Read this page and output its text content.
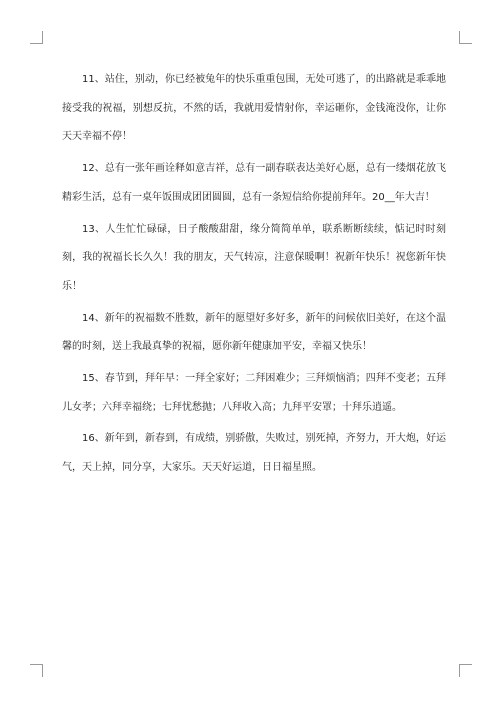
11、站住，别动，你已经被兔年的快乐重重包围，无处可逃了，的出路就是乖乖地接受我的祝福，别想反抗，不然的话，我就用爱情射你，幸运砸你，金钱淹没你，让你天天幸福不停！

12、总有一张年画诠释如意吉祥，总有一副春联表达美好心愿，总有一缕烟花放飞精彩生活，总有一桌年饭围成团团圆圆，总有一条短信给你提前拜年。20__年大吉！

13、人生忙忙碌碌，日子酸酸甜甜，缘分简简单单，联系断断续续，惦记时时刻刻，我的祝福长长久久！我的朋友，天气转凉，注意保暖啊！祝新年快乐！祝您新年快乐！

14、新年的祝福数不胜数，新年的愿望好多好多，新年的问候依旧美好，在这个温馨的时刻，送上我最真挚的祝福，愿你新年健康加平安，幸福又快乐！

15、春节到，拜年早：一拜全家好；二拜困难少；三拜烦恼消；四拜不变老；五拜儿女孝；六拜幸福绕；七拜忧愁抛；八拜收入高；九拜平安罩；十拜乐逍遥。

16、新年到，新春到，有成绩，别骄傲，失败过，别死掉，齐努力，开大炮，好运气，天上掉，同分享，大家乐。天天好运道，日日福星照。
